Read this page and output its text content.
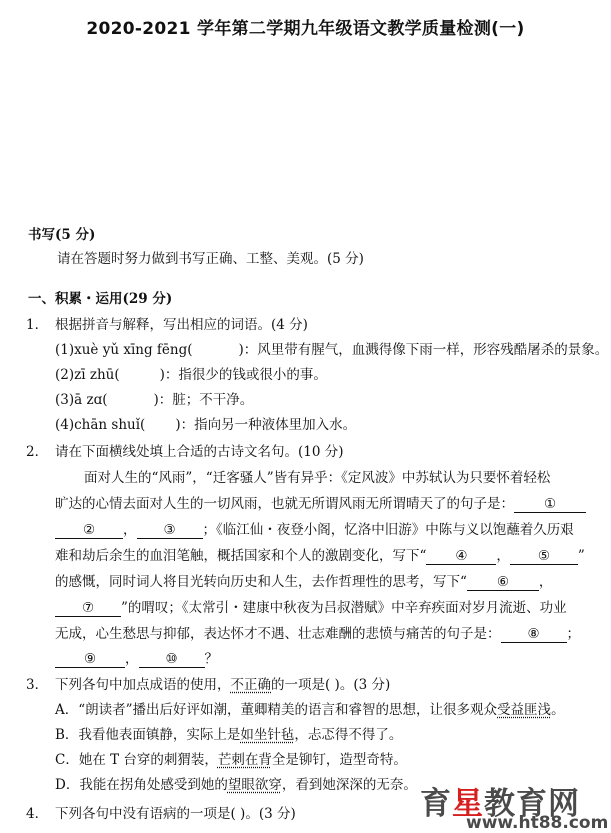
2020-2021 学年第二学期九年级语文教学质量检测(一)
书写(5 分)
请在答题时努力做到书写正确、工整、美观。(5 分)
一、积累・运用(29 分)
1． 根据拼音与解释，写出相应的词语。(4 分)
(1)xuè yǔ xīng fēng(	)：风里带有腥气，血溅得像下雨一样，形容残酷屠杀的景象。
(2)zī zhū(	)：指很少的钱或很小的事。
(3)ā zɑ(	)：脏；不干净。
(4)chān shuǐ( )：指向另一种液体里加入水。
2． 请在下面横线处填上合适的古诗文名句。(10 分)
面对人生的“风雨”，“迁客骚人”皆有异乎：《定风波》中苏轼认为只要怀着轻松
旷达的心情去面对人生的一切风雨，也就无所谓风雨无所谓晴天了的句子是： ①
② ， ③ ；《临江仙・夜登小阁，忆洛中旧游》中陈与义以饱蘸着久历艰
难和劫后余生的血泪笔触，概括国家和个人的激剧变化，写下“ ④ ， ⑤ ”
的感慨，同时词人将目光转向历史和人生，去作哲理性的思考，写下“ ⑥ ，
⑦ ”的喟叹；《太常引・建康中秋夜为吕叔潜赋》中辛弃疾面对岁月流逝、功业
无成，心生愁思与抑郁，表达怀才不遇、壮志难酬的悲愤与痛苦的句子是： ⑧ ；
⑨ ， ⑩ ？
3． 下列各句中加点成语的使用，不正确的一项是( )。(3 分)
A．“朗读者”播出后好评如潮，董卿精美的语言和睿智的思想，让很多观众受益匪浅。
B．我看他表面镇静，实际上是如坐针毡，忐忑得不得了。
C．她在 T 台穿的刺猬装，芒刺在背全是铆钉，造型奇特。
D．我能在拐角处感受到她的望眼欲穿，看到她深深的无奈。
4． 下列各句中没有语病的一项是( )。(3 分)	育星教育网
www.ht88.com
